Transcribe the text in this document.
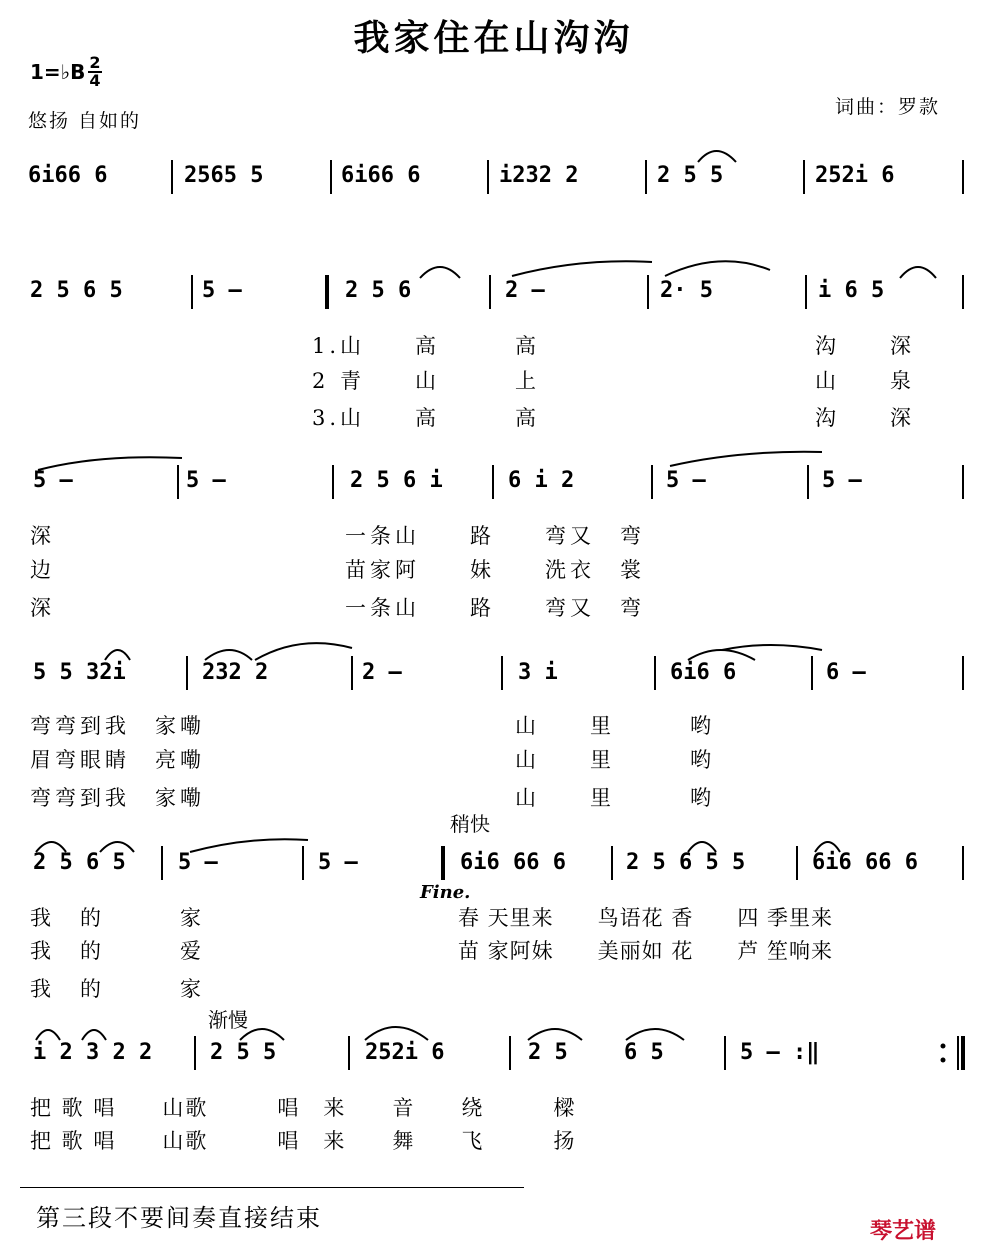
我家住在山沟沟
1=♭B 2
4
悠扬 自如的
词曲：罗款
6i66 6	2565 5	6i66 6	i232 2	2 5 5	252i 6
2 5 6 5	5 –	2 5 6	2 –	2· 5	i 6 5
1.山　　高　　　高
2 青　　山　　　上
3.山　　高　　　高
沟　　深
山　　泉
沟　　深
5 –	5 –	2 5 6 i	6 i 2	5 –	5 –
深
边
深
一条山　　路　　弯又　弯
苗家阿　　妹　　洗衣　裳
一条山　　路　　弯又　弯
5 5 32i	232 2	2 –	3 i	6i6 6	6 –
弯弯到我　家嘞
眉弯眼睛　亮嘞
弯弯到我　家嘞
山　　里　　　哟
山　　里　　　哟
山　　里　　　哟
稍快
2 5 6 5 5 –	5 –	6i6 66 6	2 5 6 5 5	6i6 66 6
Fine.
我　的　　　家
我　的　　　爱
我　的　　　家
春 天里来　　鸟语花 香　　四 季里来
苗 家阿妹　　美丽如 花　　芦 笙响来
渐慢
i 2 3 2 2	2 5 5	252i 6	2 5	6 5	5 – :‖
把 歌 唱　　山歌　　　唱　来　　音　　绕　　　樑
把 歌 唱　　山歌　　　唱　来　　舞　　飞　　　扬
第三段不要间奏直接结束	琴艺谱
